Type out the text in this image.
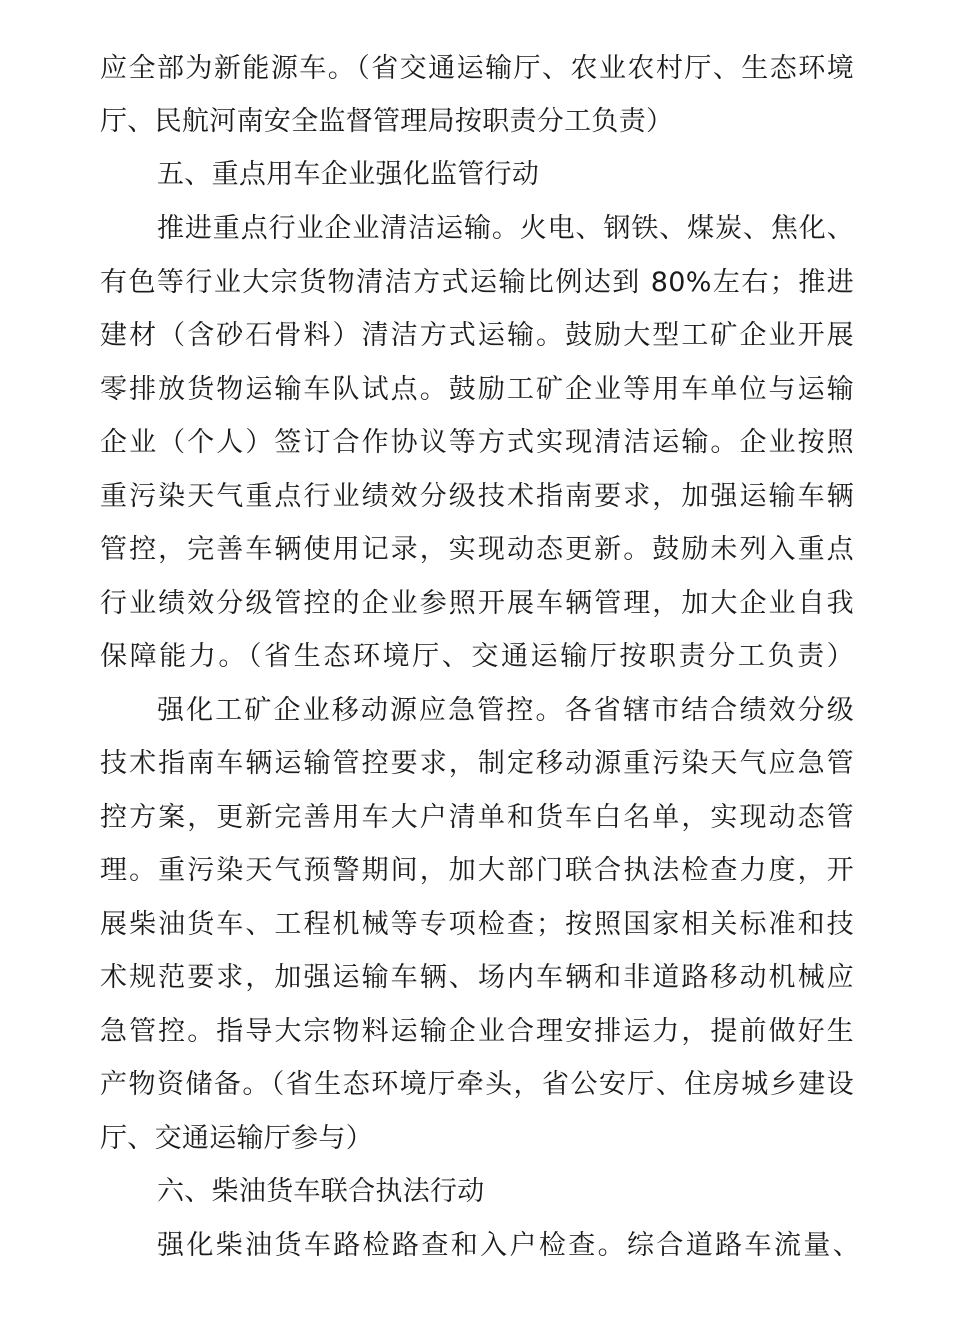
应全部为新能源车。（省交通运输厅、农业农村厅、生态环境
厅、民航河南安全监督管理局按职责分工负责）
五、重点用车企业强化监管行动
推进重点行业企业清洁运输。火电、钢铁、煤炭、焦化、
有色等行业大宗货物清洁方式运输比例达到 80%左右；推进
建材（含砂石骨料）清洁方式运输。鼓励大型工矿企业开展
零排放货物运输车队试点。鼓励工矿企业等用车单位与运输
企业（个人）签订合作协议等方式实现清洁运输。企业按照
重污染天气重点行业绩效分级技术指南要求，加强运输车辆
管控，完善车辆使用记录，实现动态更新。鼓励未列入重点
行业绩效分级管控的企业参照开展车辆管理，加大企业自我
保障能力。（省生态环境厅、交通运输厅按职责分工负责）
强化工矿企业移动源应急管控。各省辖市结合绩效分级
技术指南车辆运输管控要求，制定移动源重污染天气应急管
控方案，更新完善用车大户清单和货车白名单，实现动态管
理。重污染天气预警期间，加大部门联合执法检查力度，开
展柴油货车、工程机械等专项检查；按照国家相关标准和技
术规范要求，加强运输车辆、场内车辆和非道路移动机械应
急管控。指导大宗物料运输企业合理安排运力，提前做好生
产物资储备。（省生态环境厅牵头，省公安厅、住房城乡建设
厅、交通运输厅参与）
六、柴油货车联合执法行动
强化柴油货车路检路查和入户检查。综合道路车流量、
